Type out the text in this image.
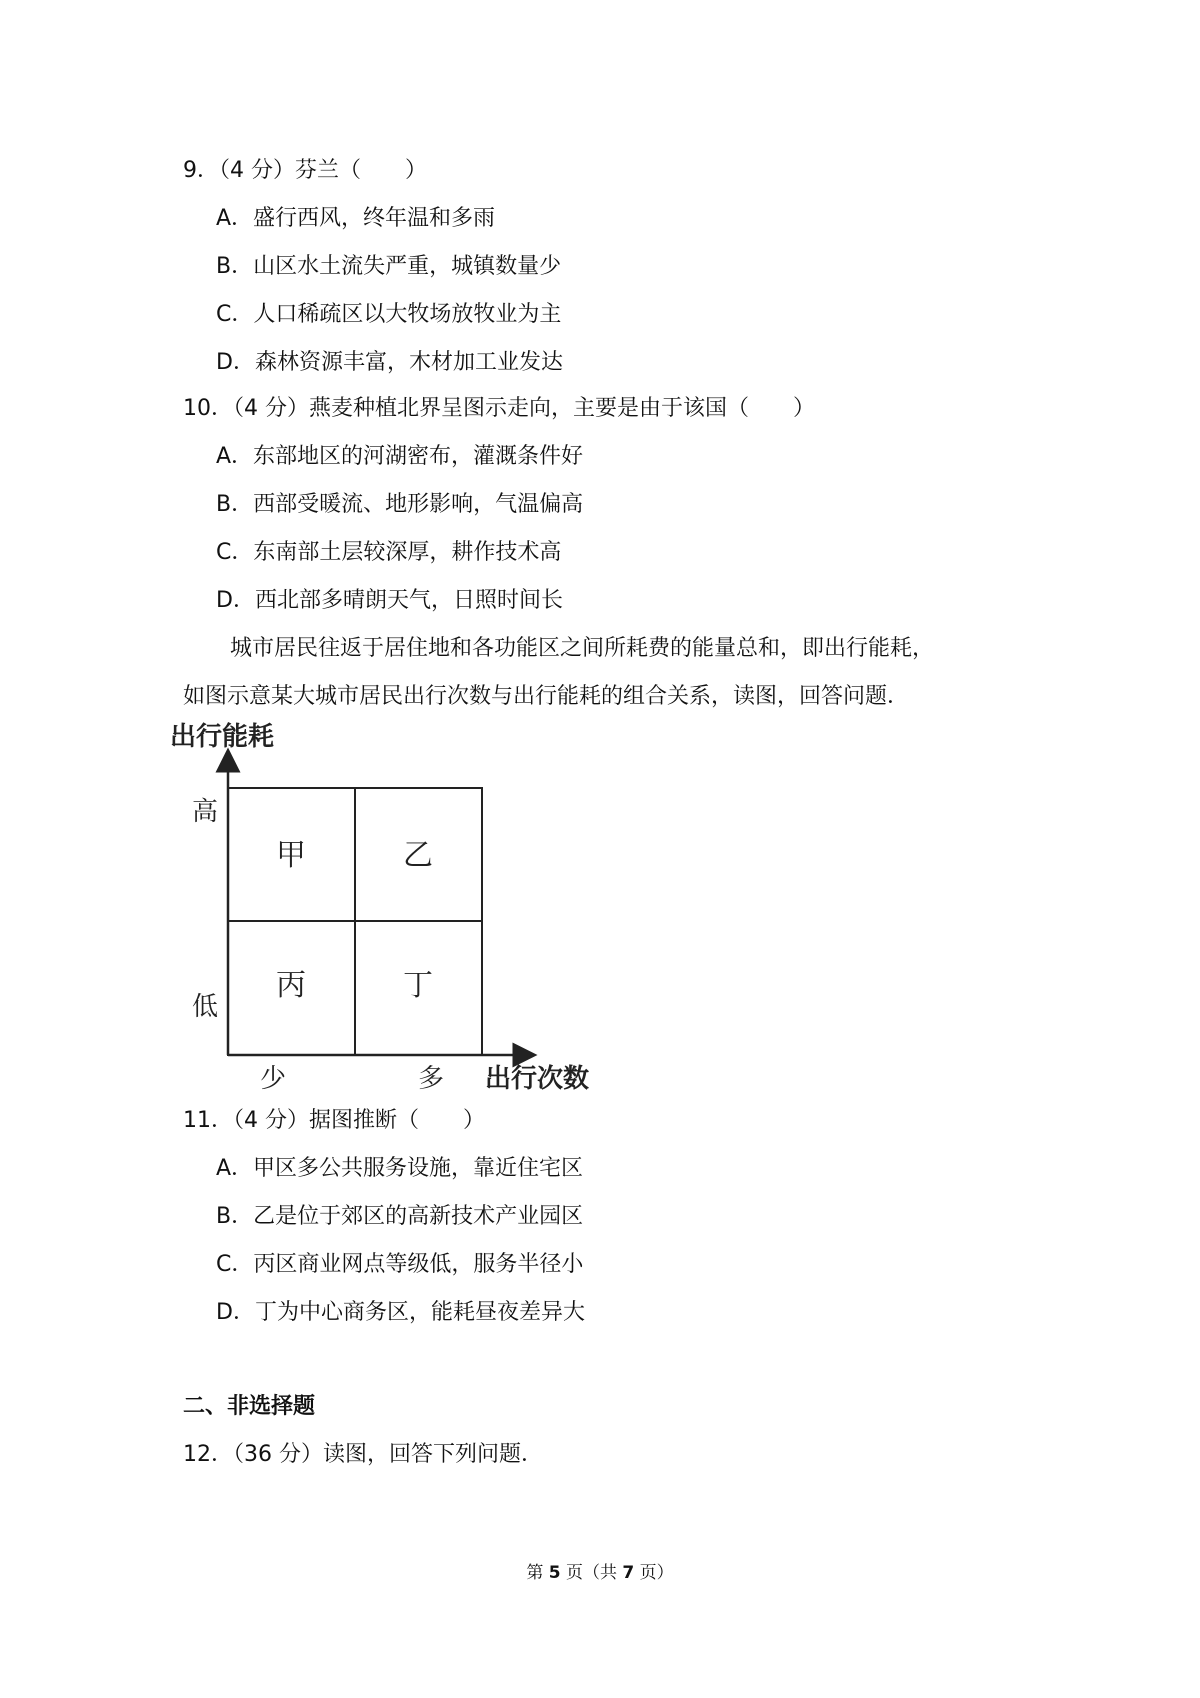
9．（4 分）芬兰（　　）
A．盛行西风，终年温和多雨
B．山区水土流失严重，城镇数量少
C．人口稀疏区以大牧场放牧业为主
D．森林资源丰富，木材加工业发达
10．（4 分）燕麦种植北界呈图示走向，主要是由于该国（　　）
A．东部地区的河湖密布，灌溉条件好
B．西部受暖流、地形影响，气温偏高
C．东南部土层较深厚，耕作技术高
D．西北部多晴朗天气，日照时间长
城市居民往返于居住地和各功能区之间所耗费的能量总和，即出行能耗，
如图示意某大城市居民出行次数与出行能耗的组合关系，读图，回答问题．
出行能耗
高
低
少	多 出行次数
甲	乙
丙	丁
11．（4 分）据图推断（　　）
A．甲区多公共服务设施，靠近住宅区
B．乙是位于郊区的高新技术产业园区
C．丙区商业网点等级低，服务半径小
D．丁为中心商务区，能耗昼夜差异大
二、非选择题
12．（36 分）读图，回答下列问题．
第 5 页（共 7 页）
